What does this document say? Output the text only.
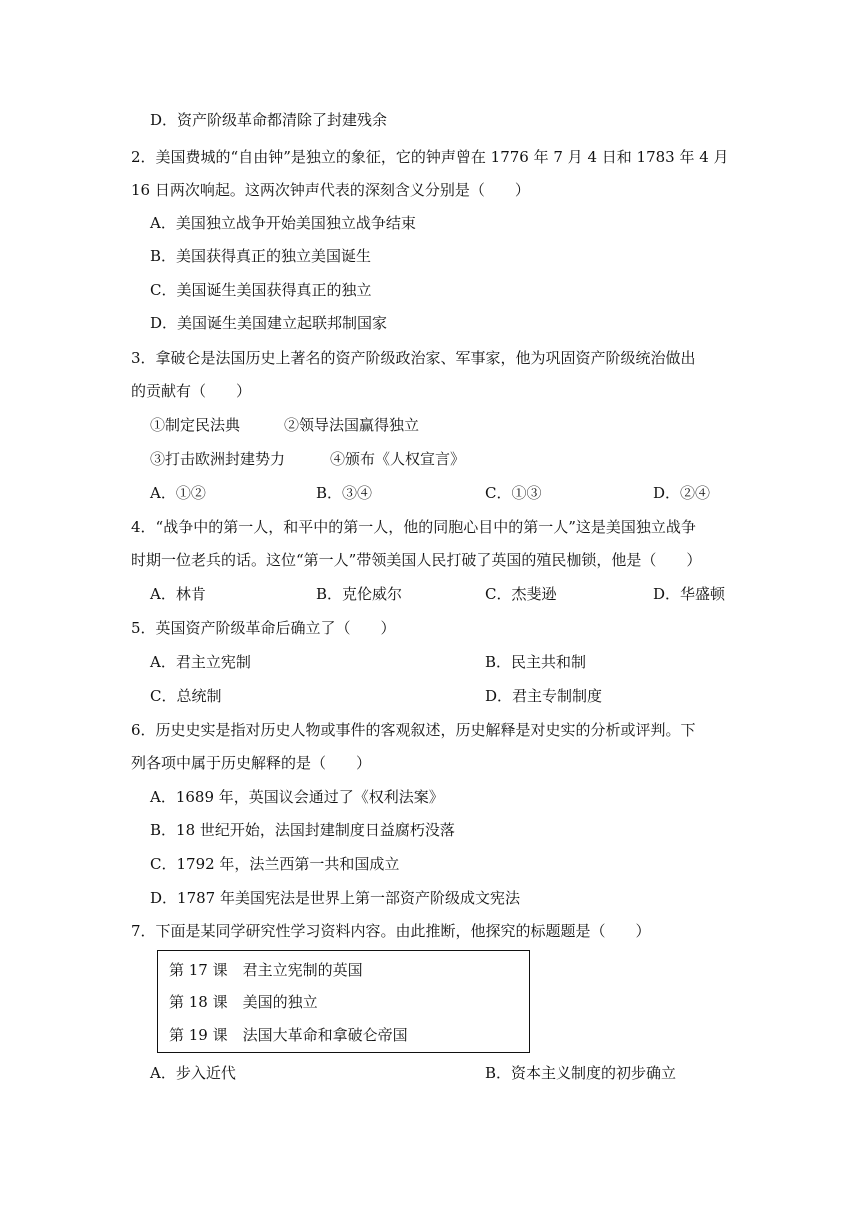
D．资产阶级革命都清除了封建残余
2．美国费城的“自由钟”是独立的象征，它的钟声曾在 1776 年 7 月 4 日和 1783 年 4 月
16 日两次响起。这两次钟声代表的深刻含义分别是（　　）
A．美国独立战争开始美国独立战争结束
B．美国获得真正的独立美国诞生
C．美国诞生美国获得真正的独立
D．美国诞生美国建立起联邦制国家
3．拿破仑是法国历史上著名的资产阶级政治家、军事家，他为巩固资产阶级统治做出
的贡献有（　　）
①制定民法典	②领导法国赢得独立
③打击欧洲封建势力	④颁布《人权宣言》
A．①②	B．③④	C．①③	D．②④
4．“战争中的第一人，和平中的第一人，他的同胞心目中的第一人”这是美国独立战争
时期一位老兵的话。这位“第一人”带领美国人民打破了英国的殖民枷锁，他是（　　）
A．林肯	B．克伦威尔	C．杰斐逊	D．华盛顿
5．英国资产阶级革命后确立了（　　）
A．君主立宪制	B．民主共和制
C．总统制	D．君主专制制度
6．历史史实是指对历史人物或事件的客观叙述，历史解释是对史实的分析或评判。下
列各项中属于历史解释的是（　　）
A．1689 年，英国议会通过了《权利法案》
B．18 世纪开始，法国封建制度日益腐朽没落
C．1792 年，法兰西第一共和国成立
D．1787 年美国宪法是世界上第一部资产阶级成文宪法
7．下面是某同学研究性学习资料内容。由此推断，他探究的标题题是（　　）
第 17 课　君主立宪制的英国
第 18 课　美国的独立
第 19 课　法国大革命和拿破仑帝国
A．步入近代	B．资本主义制度的初步确立
